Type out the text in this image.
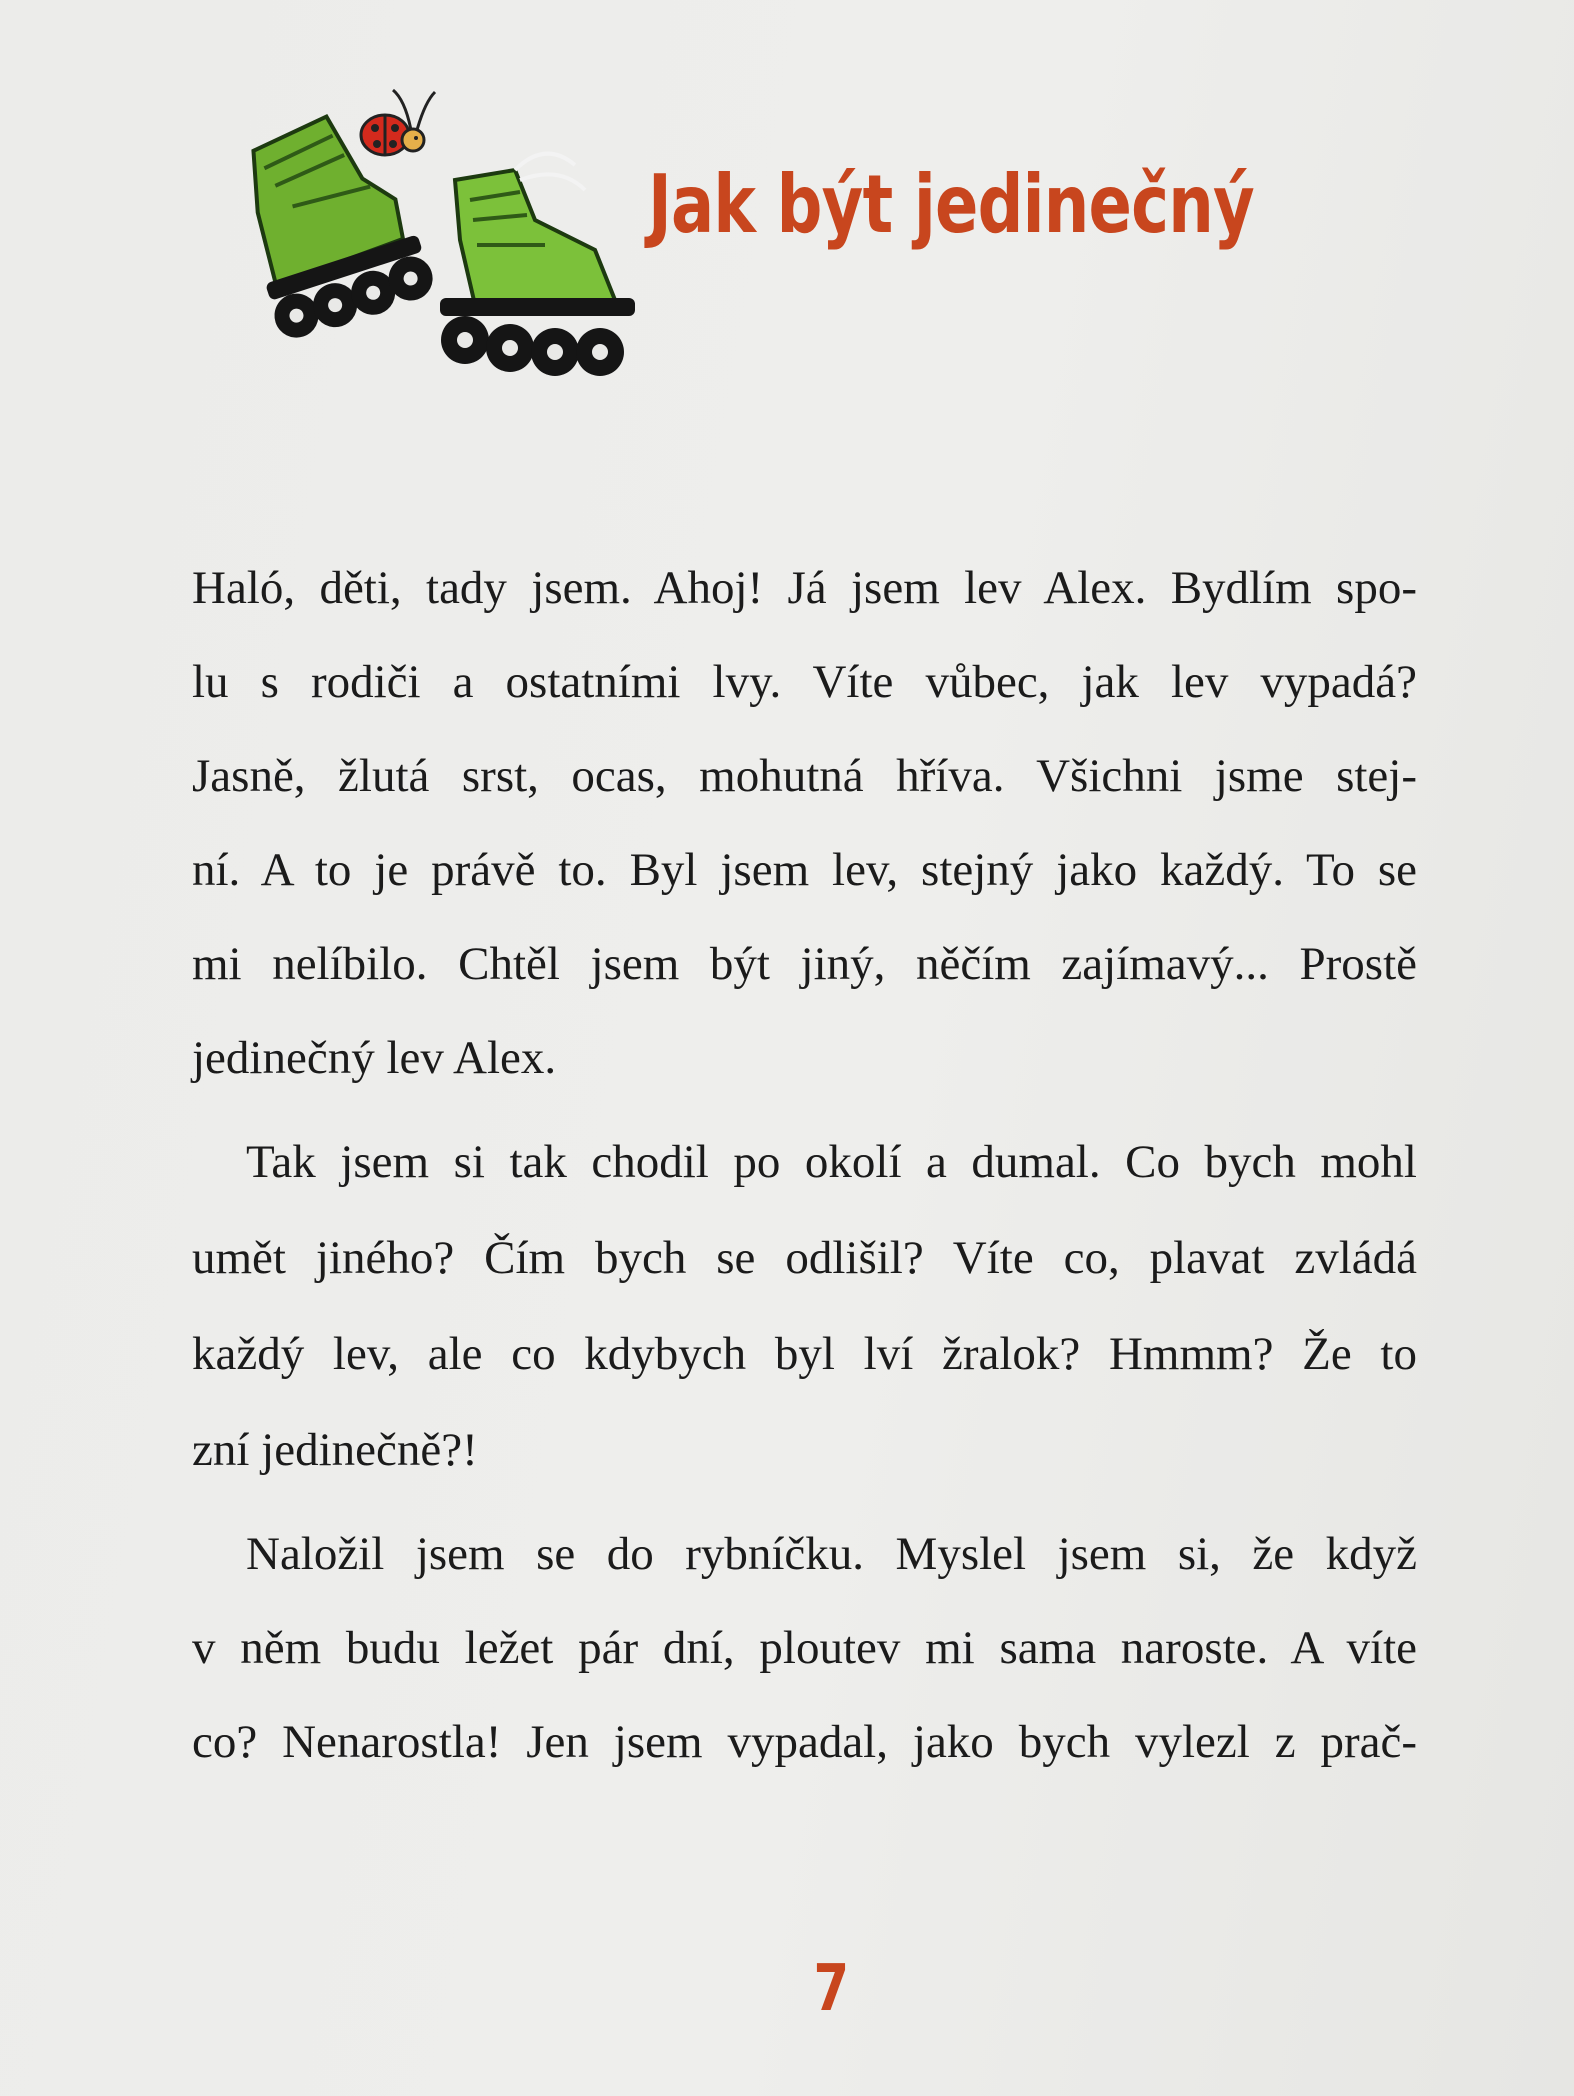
Jak být jedinečný
Haló, děti, tady jsem. Ahoj! Já jsem lev Alex. Bydlím spo-
lu s rodiči a ostatními lvy. Víte vůbec, jak lev vypadá?
Jasně, žlutá srst, ocas, mohutná hříva. Všichni jsme stej-
ní. A to je právě to. Byl jsem lev, stejný jako každý. To se
mi nelíbilo. Chtěl jsem být jiný, něčím zajímavý... Prostě
jedinečný lev Alex.
Tak jsem si tak chodil po okolí a dumal. Co bych mohl
umět jiného? Čím bych se odlišil? Víte co, plavat zvládá
každý lev, ale co kdybych byl lví žralok? Hmmm? Že to
zní jedinečně?!
Naložil jsem se do rybníčku. Myslel jsem si, že když
v něm budu ležet pár dní, ploutev mi sama naroste. A víte
co? Nenarostla! Jen jsem vypadal, jako bych vylezl z prač-
7
